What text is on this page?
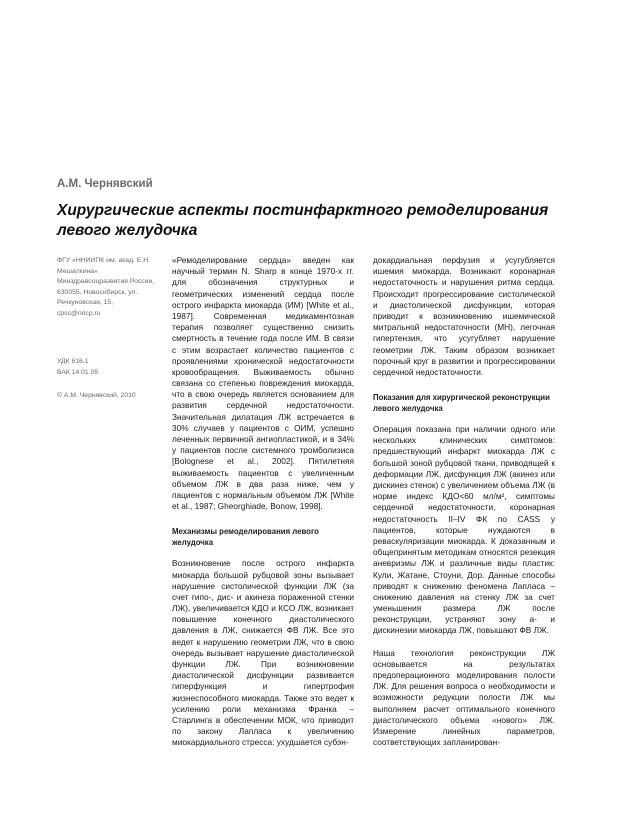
А.М. Чернявский
Хирургические аспекты постинфарктного ремоделирования левого желудочка
ФГУ «ННИИПК им. акад. Е.Н. Мешалкина» Минздравсоцразвития России, 630055, Новосибирск, ул. Речкуновская, 15, cpsc@nricp.ru
УДК 616.1
ВАК 14.01.05
© А.М. Чернявский, 2010

«Ремоделирование сердца» введен как научный термин N. Sharp в конце 1970-х гг. для обозначения структурных и геометрических изменений сердца после острого инфаркта миокарда (ИМ) [White et al., 1987]. Современная медикаментозная терапия позволяет существенно снизить смертность в течение года после ИМ. В связи с этим возрастает количество пациентов с проявлениями хронической недостаточности кровообращения. Выживаемость обычно связана со степенью повреждения миокарда, что в свою очередь является основанием для развития сердечной недостаточности. Значительная дилатация ЛЖ встречается в 30% случаев у пациентов с ОИМ, успешно леченных первичной ангиопластикой, и в 34% у пациентов после системного тромболизиса [Bolognese et al., 2002]. Пятилетняя выживаемость пациентов с увеличенным объемом ЛЖ в два раза ниже, чем у пациентов с нормальным объемом ЛЖ [White et al., 1987; Gheorghiade, Bonow, 1998].

Механизмы ремоделирования левого желудочка

Возникновение после острого инфаркта миокарда большой рубцовой зоны вызывает нарушение систолической функции ЛЖ (за счет гипо-, дис- и акинеза пораженной стенки ЛЖ), увеличивается КДО и КСО ЛЖ, возникает повышение конечного диастолического давления в ЛЖ, снижается ФВ ЛЖ. Все это ведет к нарушению геометрии ЛЖ, что в свою очередь вызывает нарушение диастолической функции ЛЖ. При возникновении диастолической дисфункции развивается гиперфункция и гипертрофия жизнеспособного миокарда. Также это ведет к усилению роли механизма Франка – Старлинга в обеспечении МОК, что приводит по закону Лапласа к увеличению миокардиального стресса: ухудшается субэн-

докардиальная перфузия и усугубляется ишемия миокарда. Возникают коронарная недостаточность и нарушения ритма сердца. Происходит прогрессирование систолической и диастолической дисфункции, которая приводит к возникновению ишемической митральной недостаточности (МН), легочная гипертензия, что усугубляет нарушение геометрии ЛЖ. Таким образом возникает порочный круг в развитии и прогрессировании сердечной недостаточности.

Показания для хирургической реконструкции левого желудочка

Операция показана при наличии одного или нескольких клинических симптомов: предшествующий инфаркт миокарда ЛЖ с большой зоной рубцовой ткани, приводящей к деформации ЛЖ, дисфункция ЛЖ (акинез или дискинез стенок) с увеличением объема ЛЖ (в норме индекс КДО<60 мл/м², симптомы сердечной недостаточности, коронарная недостаточность II–IV ФК по CASS у пациентов, которые нуждаются в реваскуляризации миокарда. К доказанным и общепринятым методикам относятся резекция аневризмы ЛЖ и различные виды пластик: Кули, Жатане, Стоуни, Дор. Данные способы приводят к снижению феномена Лапласа – снижению давления на стенку ЛЖ за счет уменьшения размера ЛЖ после реконструкции, устраняют зону а- и дискинезии миокарда ЛЖ, повышают ФВ ЛЖ.

Наша технология реконструкции ЛЖ основывается на результатах предоперационного моделирования полости ЛЖ. Для решения вопроса о необходимости и возможности редукции полости ЛЖ мы выполняем расчет оптимального конечного диастолического объема «нового» ЛЖ. Измерение линейных параметров, соответствующих запланирован-
